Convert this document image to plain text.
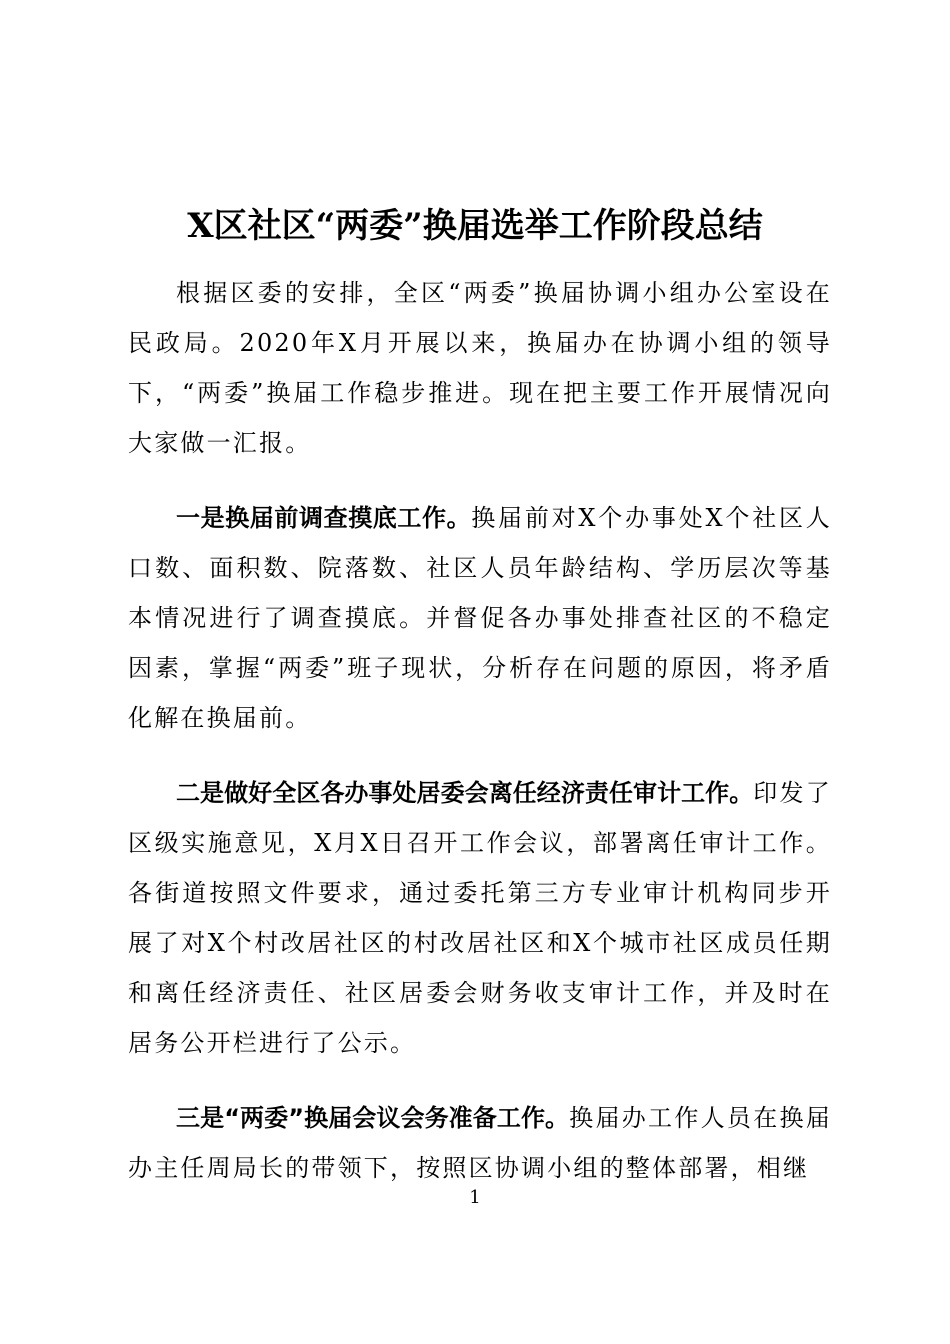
X区社区“两委”换届选举工作阶段总结

根据区委的安排，全区“两委”换届协调小组办公室设在民政局。2020年X月开展以来，换届办在协调小组的领导下，“两委”换届工作稳步推进。现在把主要工作开展情况向大家做一汇报。

一是换届前调查摸底工作。换届前对X个办事处X个社区人口数、面积数、院落数、社区人员年龄结构、学历层次等基本情况进行了调查摸底。并督促各办事处排查社区的不稳定因素，掌握“两委”班子现状，分析存在问题的原因，将矛盾化解在换届前。

二是做好全区各办事处居委会离任经济责任审计工作。印发了区级实施意见，X月X日召开工作会议，部署离任审计工作。各街道按照文件要求，通过委托第三方专业审计机构同步开展了对X个村改居社区的村改居社区和X个城市社区成员任期和离任经济责任、社区居委会财务收支审计工作，并及时在居务公开栏进行了公示。

三是“两委”换届会议会务准备工作。换届办工作人员在换届办主任周局长的带领下，按照区协调小组的整体部署，相继

1
